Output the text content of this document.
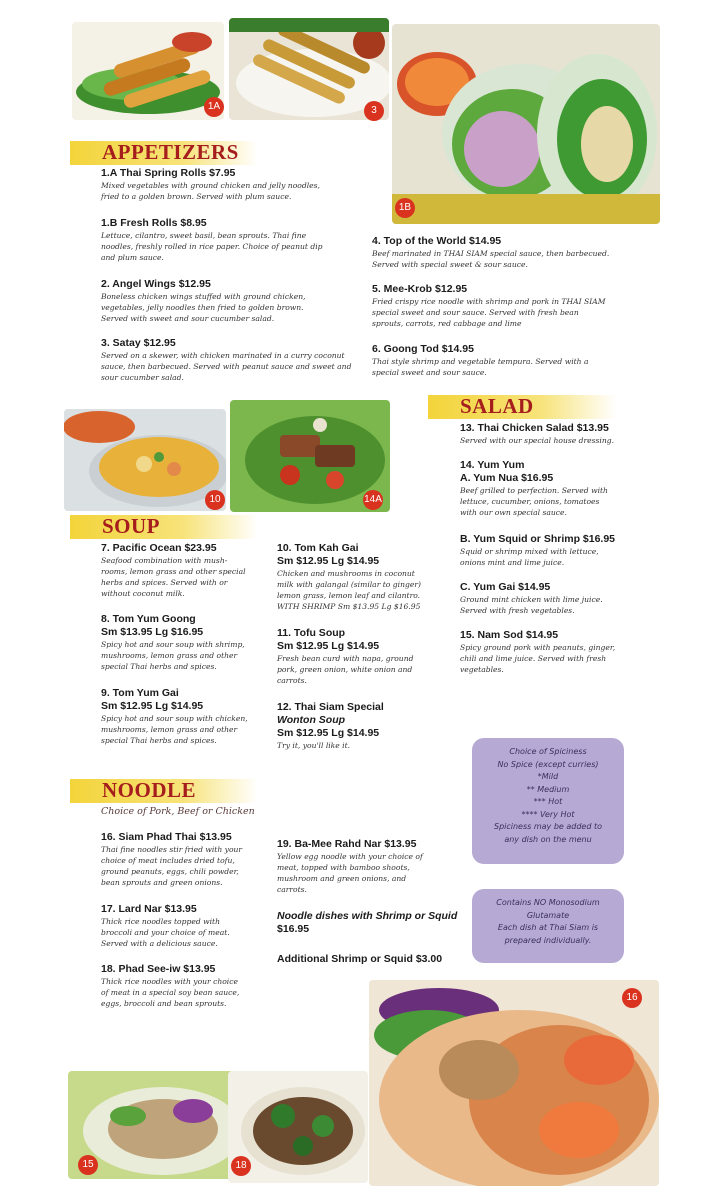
1A	3
1B
10	14A
15	18
16
APPETIZERS
SALAD
SOUP
NOODLE
Choice of Pork, Beef or Chicken
1.A Thai Spring Rolls $7.95
Mixed vegetables with ground chicken and jelly noodles,
fried to a golden brown. Served with plum sauce.
1.B Fresh Rolls $8.95
Lettuce, cilantro, sweet basil, bean sprouts. Thai fine
noodles, freshly rolled in rice paper. Choice of peanut dip
and plum sauce.
2. Angel Wings $12.95
Boneless chicken wings stuffed with ground chicken,
vegetables, jelly noodles then fried to golden brown.
Served with sweet and sour cucumber salad.
3. Satay $12.95
Served on a skewer, with chicken marinated in a curry coconut
sauce, then barbecued. Served with peanut sauce and sweet and
sour cucumber salad.
4. Top of the World $14.95
Beef marinated in THAI SIAM special sauce, then barbecued.
Served with special sweet & sour sauce.
5. Mee-Krob $12.95
Fried crispy rice noodle with shrimp and pork in THAI SIAM
special sweet and sour sauce. Served with fresh bean
sprouts, carrots, red cabbage and lime
6. Goong Tod $14.95
Thai style shrimp and vegetable tempura. Served with a
special sweet and sour sauce.
13. Thai Chicken Salad $13.95
Served with our special house dressing.
14. Yum Yum
A. Yum Nua $16.95
Beef grilled to perfection. Served with
lettuce, cucumber, onions, tomatoes
with our own special sauce.
B. Yum Squid or Shrimp $16.95
Squid or shrimp mixed with lettuce,
onions mint and lime juice.
C. Yum Gai $14.95
Ground mint chicken with lime juice.
Served with fresh vegetables.
15. Nam Sod $14.95
Spicy ground pork with peanuts, ginger,
chili and lime juice. Served with fresh
vegetables.
7. Pacific Ocean $23.95
Seafood combination with mush-
rooms, lemon grass and other special
herbs and spices. Served with or
without coconut milk.
8. Tom Yum Goong
Sm $13.95 Lg $16.95
Spicy hot and sour soup with shrimp,
mushrooms, lemon grass and other
special Thai herbs and spices.
9. Tom Yum Gai
Sm $12.95 Lg $14.95
Spicy hot and sour soup with chicken,
mushrooms, lemon grass and other
special Thai herbs and spices.
10. Tom Kah Gai
Sm $12.95 Lg $14.95
Chicken and mushrooms in coconut
milk with galangal (similar to ginger)
lemon grass, lemon leaf and cilantro.
WITH SHRIMP Sm $13.95 Lg $16.95
11. Tofu Soup
Sm $12.95 Lg $14.95
Fresh bean curd with napa, ground
pork, green onion, white onion and
carrots.
12. Thai Siam Special
Wonton Soup
Sm $12.95 Lg $14.95
Try it, you'll like it.
16. Siam Phad Thai $13.95
Thai fine noodles stir fried with your
choice of meat includes dried tofu,
ground peanuts, eggs, chili powder,
bean sprouts and green onions.
17. Lard Nar $13.95
Thick rice noodles topped with
broccoli and your choice of meat.
Served with a delicious sauce.
18. Phad See-iw $13.95
Thick rice noodles with your choice
of meat in a special soy bean sauce,
eggs, broccoli and bean sprouts.
19. Ba-Mee Rahd Nar $13.95
Yellow egg noodle with your choice of
meat, topped with bamboo shoots,
mushroom and green onions, and
carrots.
Noodle dishes with Shrimp or Squid
$16.95
Additional Shrimp or Squid $3.00
Choice of Spiciness
No Spice (except curries)
*Mild
** Medium
*** Hot
**** Very Hot
Spiciness may be added to
any dish on the menu
Contains NO Monosodium
Glutamate
Each dish at Thai Siam is
prepared individually.
